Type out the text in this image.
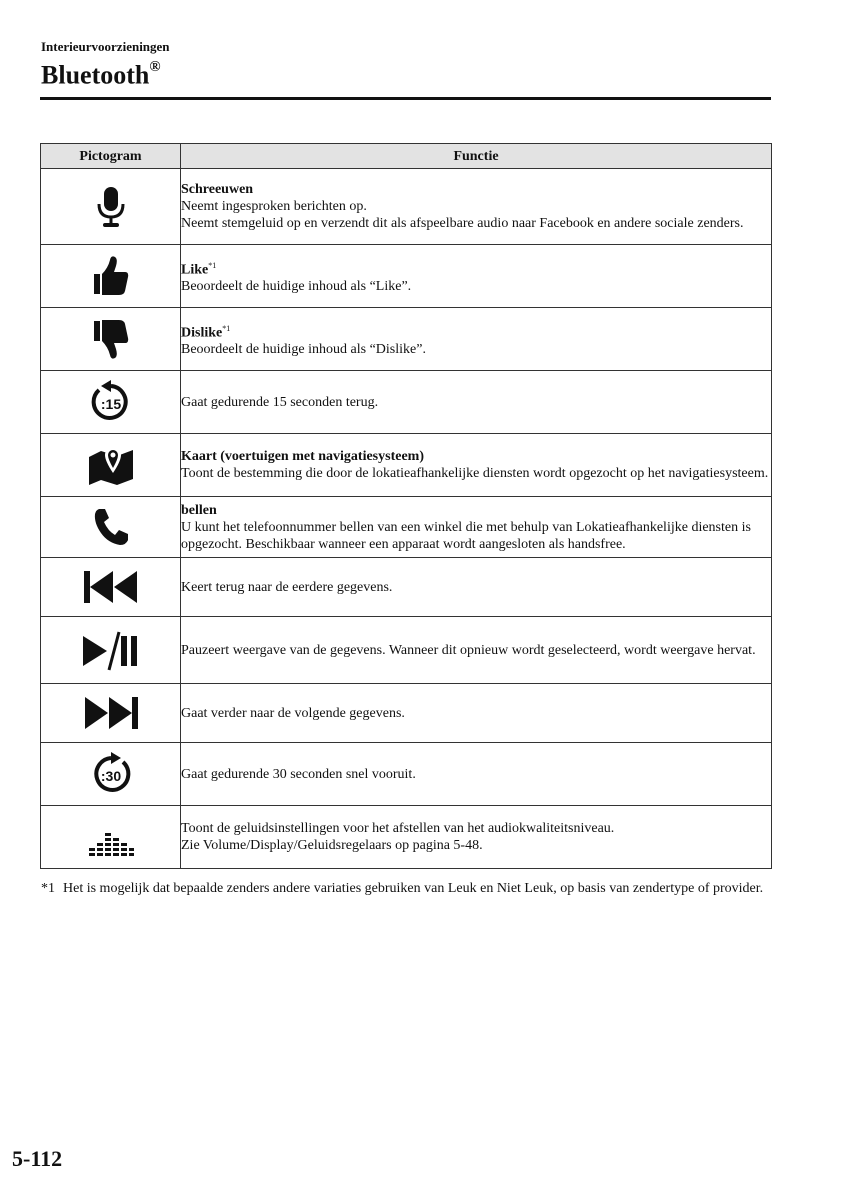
Interieurvoorzieningen
Bluetooth®
Pictogram	Functie

Schreeuwen
Neemt ingesproken berichten op.
Neemt stemgeluid op en verzendt dit als afspeelbare audio naar Facebook en andere sociale zenders.

Like$^{*1}$
Beoordeelt de huidige inhoud als “Like”.

Dislike$^{*1}$
Beoordeelt de huidige inhoud als “Dislike”.

:15	Gaat gedurende 15 seconden terug.

Kaart (voertuigen met navigatiesysteem)
Toont de bestemming die door de lokatieafhankelijke diensten wordt opgezocht op het navigatiesysteem.

bellen
U kunt het telefoonnummer bellen van een winkel die met behulp van Lokatieafhankelijke diensten is opgezocht. Beschikbaar wanneer een apparaat wordt aangesloten als handsfree.

Keert terug naar de eerdere gegevens.

Pauzeert weergave van de gegevens. Wanneer dit opnieuw wordt geselecteerd, wordt weergave hervat.

Gaat verder naar de volgende gegevens.

:30	Gaat gedurende 30 seconden snel vooruit.

Toont de geluidsinstellingen voor het afstellen van het audiokwaliteitsniveau.
Zie Volume/Display/Geluidsregelaars op pagina 5-48.
*1 Het is mogelijk dat bepaalde zenders andere variaties gebruiken van Leuk en Niet Leuk, op basis van zendertype of provider.
5-112
